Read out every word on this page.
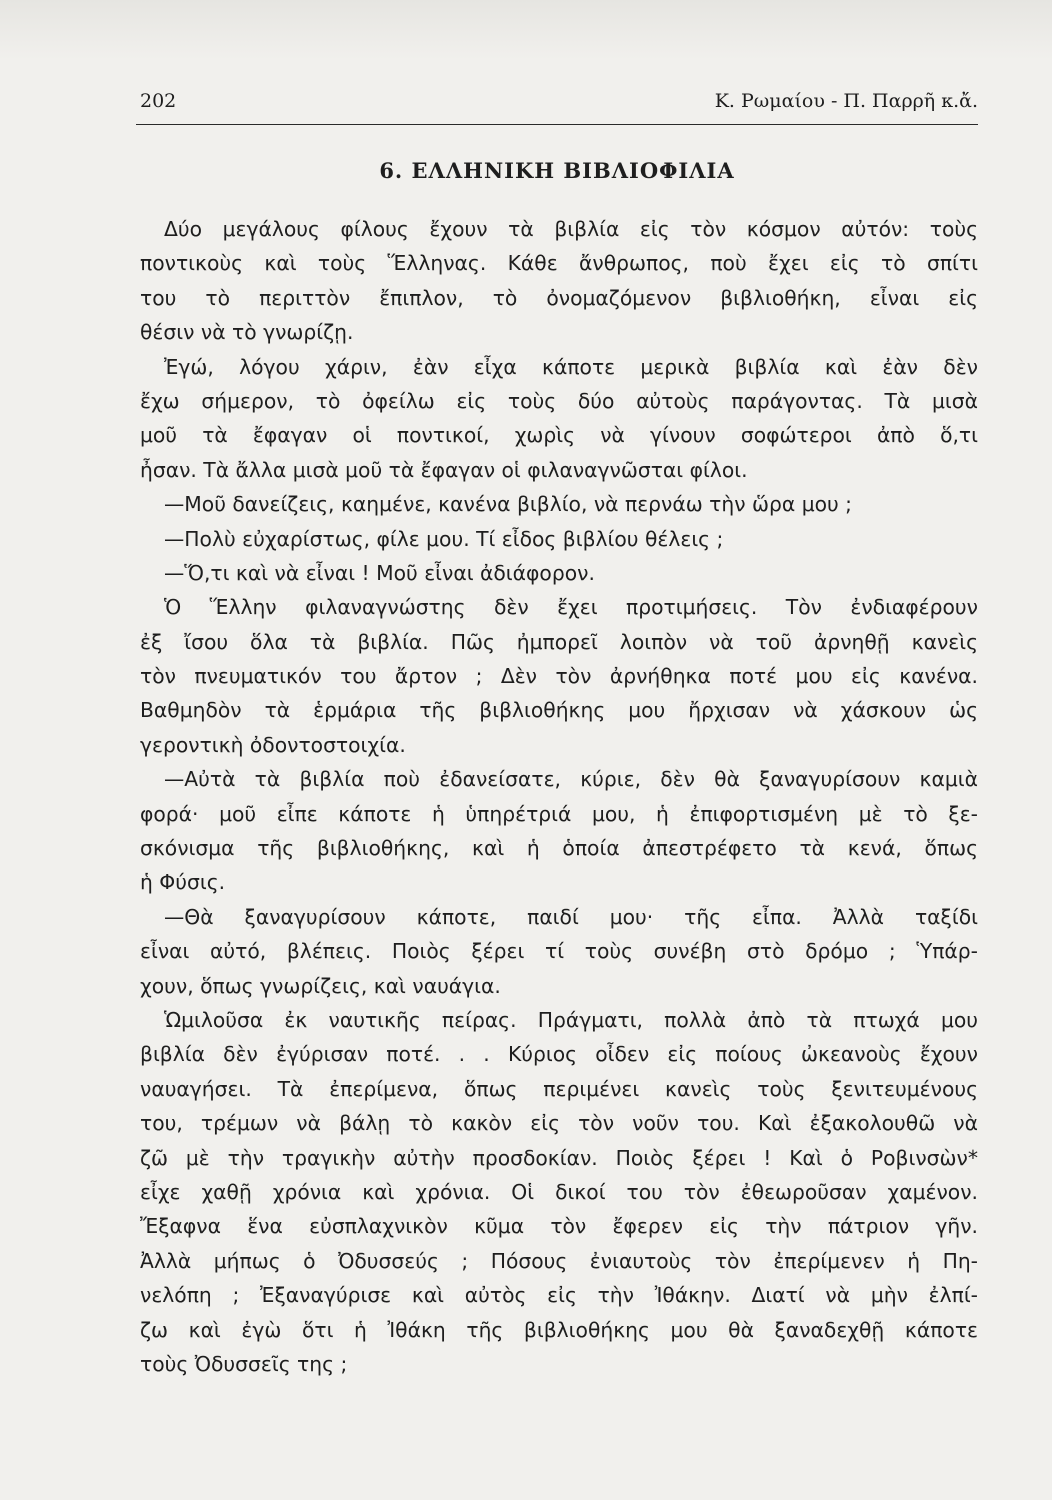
202	Κ. Ρωμαίου - Π. Παρρῆ κ.ἄ.
6. ΕΛΛΗΝΙΚΗ ΒΙΒΛΙΟΦΙΛΙΑ
Δύο μεγάλους φίλους ἔχουν τὰ βιβλία εἰς τὸν κόσμον αὐτόν: τοὺς
ποντικοὺς καὶ τοὺς Ἕλληνας. Κάθε ἄνθρωπος, ποὺ ἔχει εἰς τὸ σπίτι
του τὸ περιττὸν ἔπιπλον, τὸ ὀνομαζόμενον βιβλιοθήκη, εἶναι εἰς
θέσιν νὰ τὸ γνωρίζῃ.
Ἐγώ, λόγου χάριν, ἐὰν εἶχα κάποτε μερικὰ βιβλία καὶ ἐὰν δὲν
ἔχω σήμερον, τὸ ὀφείλω εἰς τοὺς δύο αὐτοὺς παράγοντας. Τὰ μισὰ
μοῦ τὰ ἔφαγαν οἱ ποντικοί, χωρὶς νὰ γίνουν σοφώτεροι ἀπὸ ὅ,τι
ἦσαν. Τὰ ἄλλα μισὰ μοῦ τὰ ἔφαγαν οἱ φιλαναγνῶσται φίλοι.
—Μοῦ δανείζεις, καημένε, κανένα βιβλίο, νὰ περνάω τὴν ὥρα μου ;
—Πολὺ εὐχαρίστως, φίλε μου. Τί εἶδος βιβλίου θέλεις ;
—Ὅ,τι καὶ νὰ εἶναι ! Μοῦ εἶναι ἀδιάφορον.
Ὁ Ἕλλην φιλαναγνώστης δὲν ἔχει προτιμήσεις. Τὸν ἐνδιαφέρουν
ἐξ ἴσου ὅλα τὰ βιβλία. Πῶς ἠμπορεῖ λοιπὸν νὰ τοῦ ἀρνηθῇ κανεὶς
τὸν πνευματικόν του ἄρτον ; Δὲν τὸν ἀρνήθηκα ποτέ μου εἰς κανένα.
Βαθμηδὸν τὰ ἑρμάρια τῆς βιβλιοθήκης μου ἤρχισαν νὰ χάσκουν ὡς
γεροντικὴ ὀδοντοστοιχία.
—Αὐτὰ τὰ βιβλία ποὺ ἐδανείσατε, κύριε, δὲν θὰ ξαναγυρίσουν καμιὰ
φορά· μοῦ εἶπε κάποτε ἡ ὑπηρέτριά μου, ἡ ἐπιφορτισμένη μὲ τὸ ξε-
σκόνισμα τῆς βιβλιοθήκης, καὶ ἡ ὁποία ἀπεστρέφετο τὰ κενά, ὅπως
ἡ Φύσις.
—Θὰ ξαναγυρίσουν κάποτε, παιδί μου· τῆς εἶπα. Ἀλλὰ ταξίδι
εἶναι αὐτό, βλέπεις. Ποιὸς ξέρει τί τοὺς συνέβη στὸ δρόμο ; Ὑπάρ-
χουν, ὅπως γνωρίζεις, καὶ ναυάγια.
Ὡμιλοῦσα ἐκ ναυτικῆς πείρας. Πράγματι, πολλὰ ἀπὸ τὰ πτωχά μου
βιβλία δὲν ἐγύρισαν ποτέ. . . Κύριος οἶδεν εἰς ποίους ὠκεανοὺς ἔχουν
ναυαγήσει. Τὰ ἐπερίμενα, ὅπως περιμένει κανεὶς τοὺς ξενιτευμένους
του, τρέμων νὰ βάλῃ τὸ κακὸν εἰς τὸν νοῦν του. Καὶ ἐξακολουθῶ νὰ
ζῶ μὲ τὴν τραγικὴν αὐτὴν προσδοκίαν. Ποιὸς ξέρει ! Καὶ ὁ Ροβινσὼν*
εἶχε χαθῇ χρόνια καὶ χρόνια. Οἱ δικοί του τὸν ἐθεωροῦσαν χαμένον.
Ἔξαφνα ἕνα εὐσπλαχνικὸν κῦμα τὸν ἔφερεν εἰς τὴν πάτριον γῆν.
Ἀλλὰ μήπως ὁ Ὀδυσσεύς ; Πόσους ἐνιαυτοὺς τὸν ἐπερίμενεν ἡ Πη-
νελόπη ; Ἐξαναγύρισε καὶ αὐτὸς εἰς τὴν Ἰθάκην. Διατί νὰ μὴν ἐλπί-
ζω καὶ ἐγὼ ὅτι ἡ Ἰθάκη τῆς βιβλιοθήκης μου θὰ ξαναδεχθῇ κάποτε
τοὺς Ὀδυσσεῖς της ;
